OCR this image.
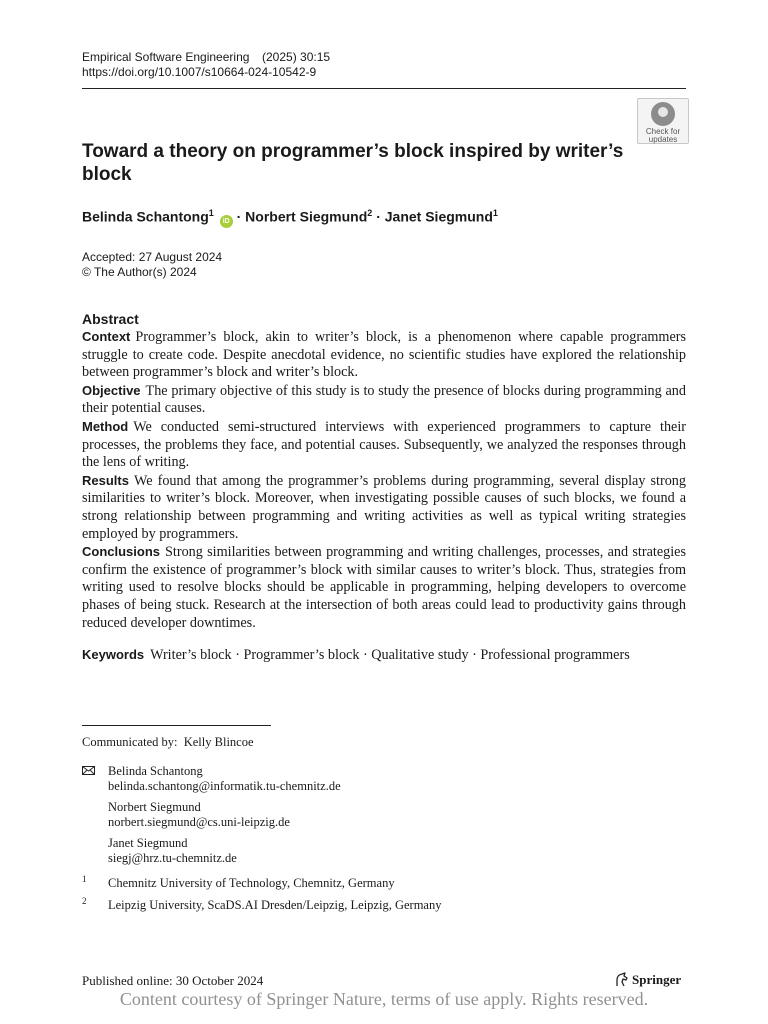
Empirical Software Engineering (2025) 30:15
https://doi.org/10.1007/s10664-024-10542-9
Check for
updates
Toward a theory on programmer’s block inspired by writer’s block
Belinda Schantong$^1$ iD · Norbert Siegmund$^2$ · Janet Siegmund$^1$
Accepted: 27 August 2024
© The Author(s) 2024
Abstract

Context Programmer’s block, akin to writer’s block, is a phenomenon where capable programmers struggle to create code. Despite anecdotal evidence, no scientific studies have explored the relationship between programmer’s block and writer’s block.

Objective The primary objective of this study is to study the presence of blocks during programming and their potential causes.

Method We conducted semi-structured interviews with experienced programmers to capture their processes, the problems they face, and potential causes. Subsequently, we analyzed the responses through the lens of writing.

Results We found that among the programmer’s problems during programming, several display strong similarities to writer’s block. Moreover, when investigating possible causes of such blocks, we found a strong relationship between programming and writing activities as well as typical writing strategies employed by programmers.

Conclusions Strong similarities between programming and writing challenges, processes, and strategies confirm the existence of programmer’s block with similar causes to writer’s block. Thus, strategies from writing used to resolve blocks should be applicable in programming, helping developers to overcome phases of being stuck. Research at the intersection of both areas could lead to productivity gains through reduced developer downtimes.

Keywords Writer’s block · Programmer’s block · Qualitative study · Professional programmers
Communicated by: Kelly Blincoe
Belinda Schantong
belinda.schantong@informatik.tu-chemnitz.de
Norbert Siegmund
norbert.siegmund@cs.uni-leipzig.de
Janet Siegmund
siegj@hrz.tu-chemnitz.de
1 Chemnitz University of Technology, Chemnitz, Germany
2 Leipzig University, ScaDS.AI Dresden/Leipzig, Leipzig, Germany
Published online: 30 October 2024	Springer
Content courtesy of Springer Nature, terms of use apply. Rights reserved.
